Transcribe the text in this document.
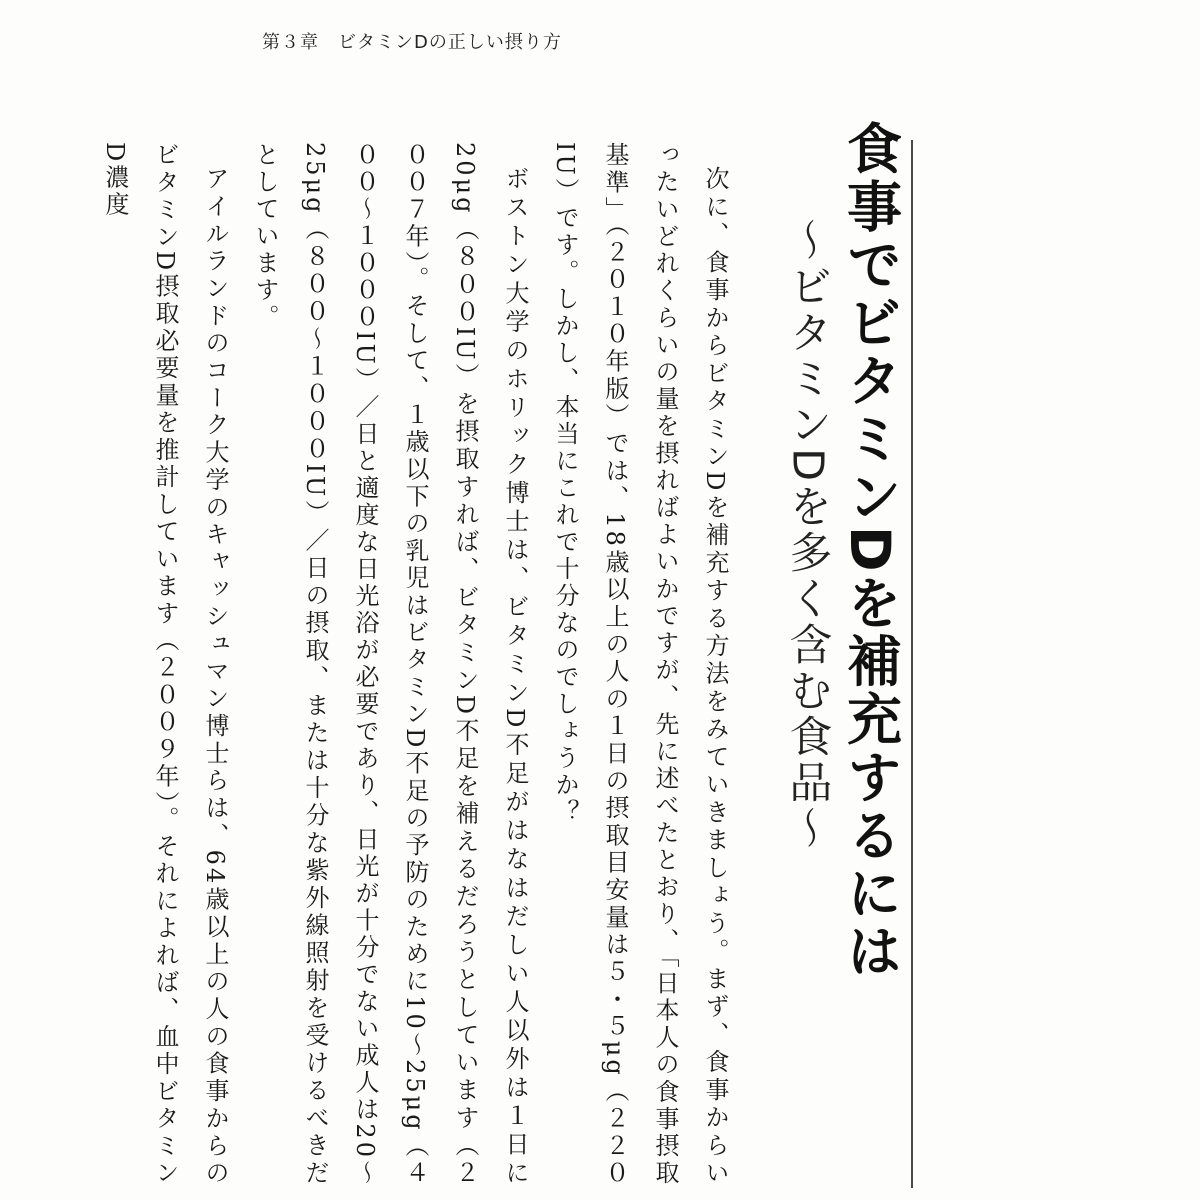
第３章　ビタミンDの正しい摂り方
食事でビタミンDを補充するには
〜ビタミンDを多く含む食品〜

次に、食事からビタミンDを補充する方法をみていきましょう。まず、食事からいったいどれくらいの量を摂ればよいかですが、先に述べたとおり、「日本人の食事摂取基準」（２０１０年版）では、18歳以上の人の１日の摂取目安量は５・５μg（２２０IU）です。しかし、本当にこれで十分なのでしょうか？

ボストン大学のホリック博士は、ビタミンD不足がはなはだしい人以外は１日に20μg（８００IU）を摂取すれば、ビタミンD不足を補えるだろうとしています（２００７年）。そして、１歳以下の乳児はビタミンD不足の予防のために10〜25μg（４００〜１０００IU）／日と適度な日光浴が必要であり、日光が十分でない成人は20〜25μg（８００〜１０００IU）／日の摂取、または十分な紫外線照射を受けるべきだとしています。

アイルランドのコーク大学のキャッシュマン博士らは、64歳以上の人の食事からのビタミンD摂取必要量を推計しています（２００９年）。それによれば、血中ビタミンD濃度
